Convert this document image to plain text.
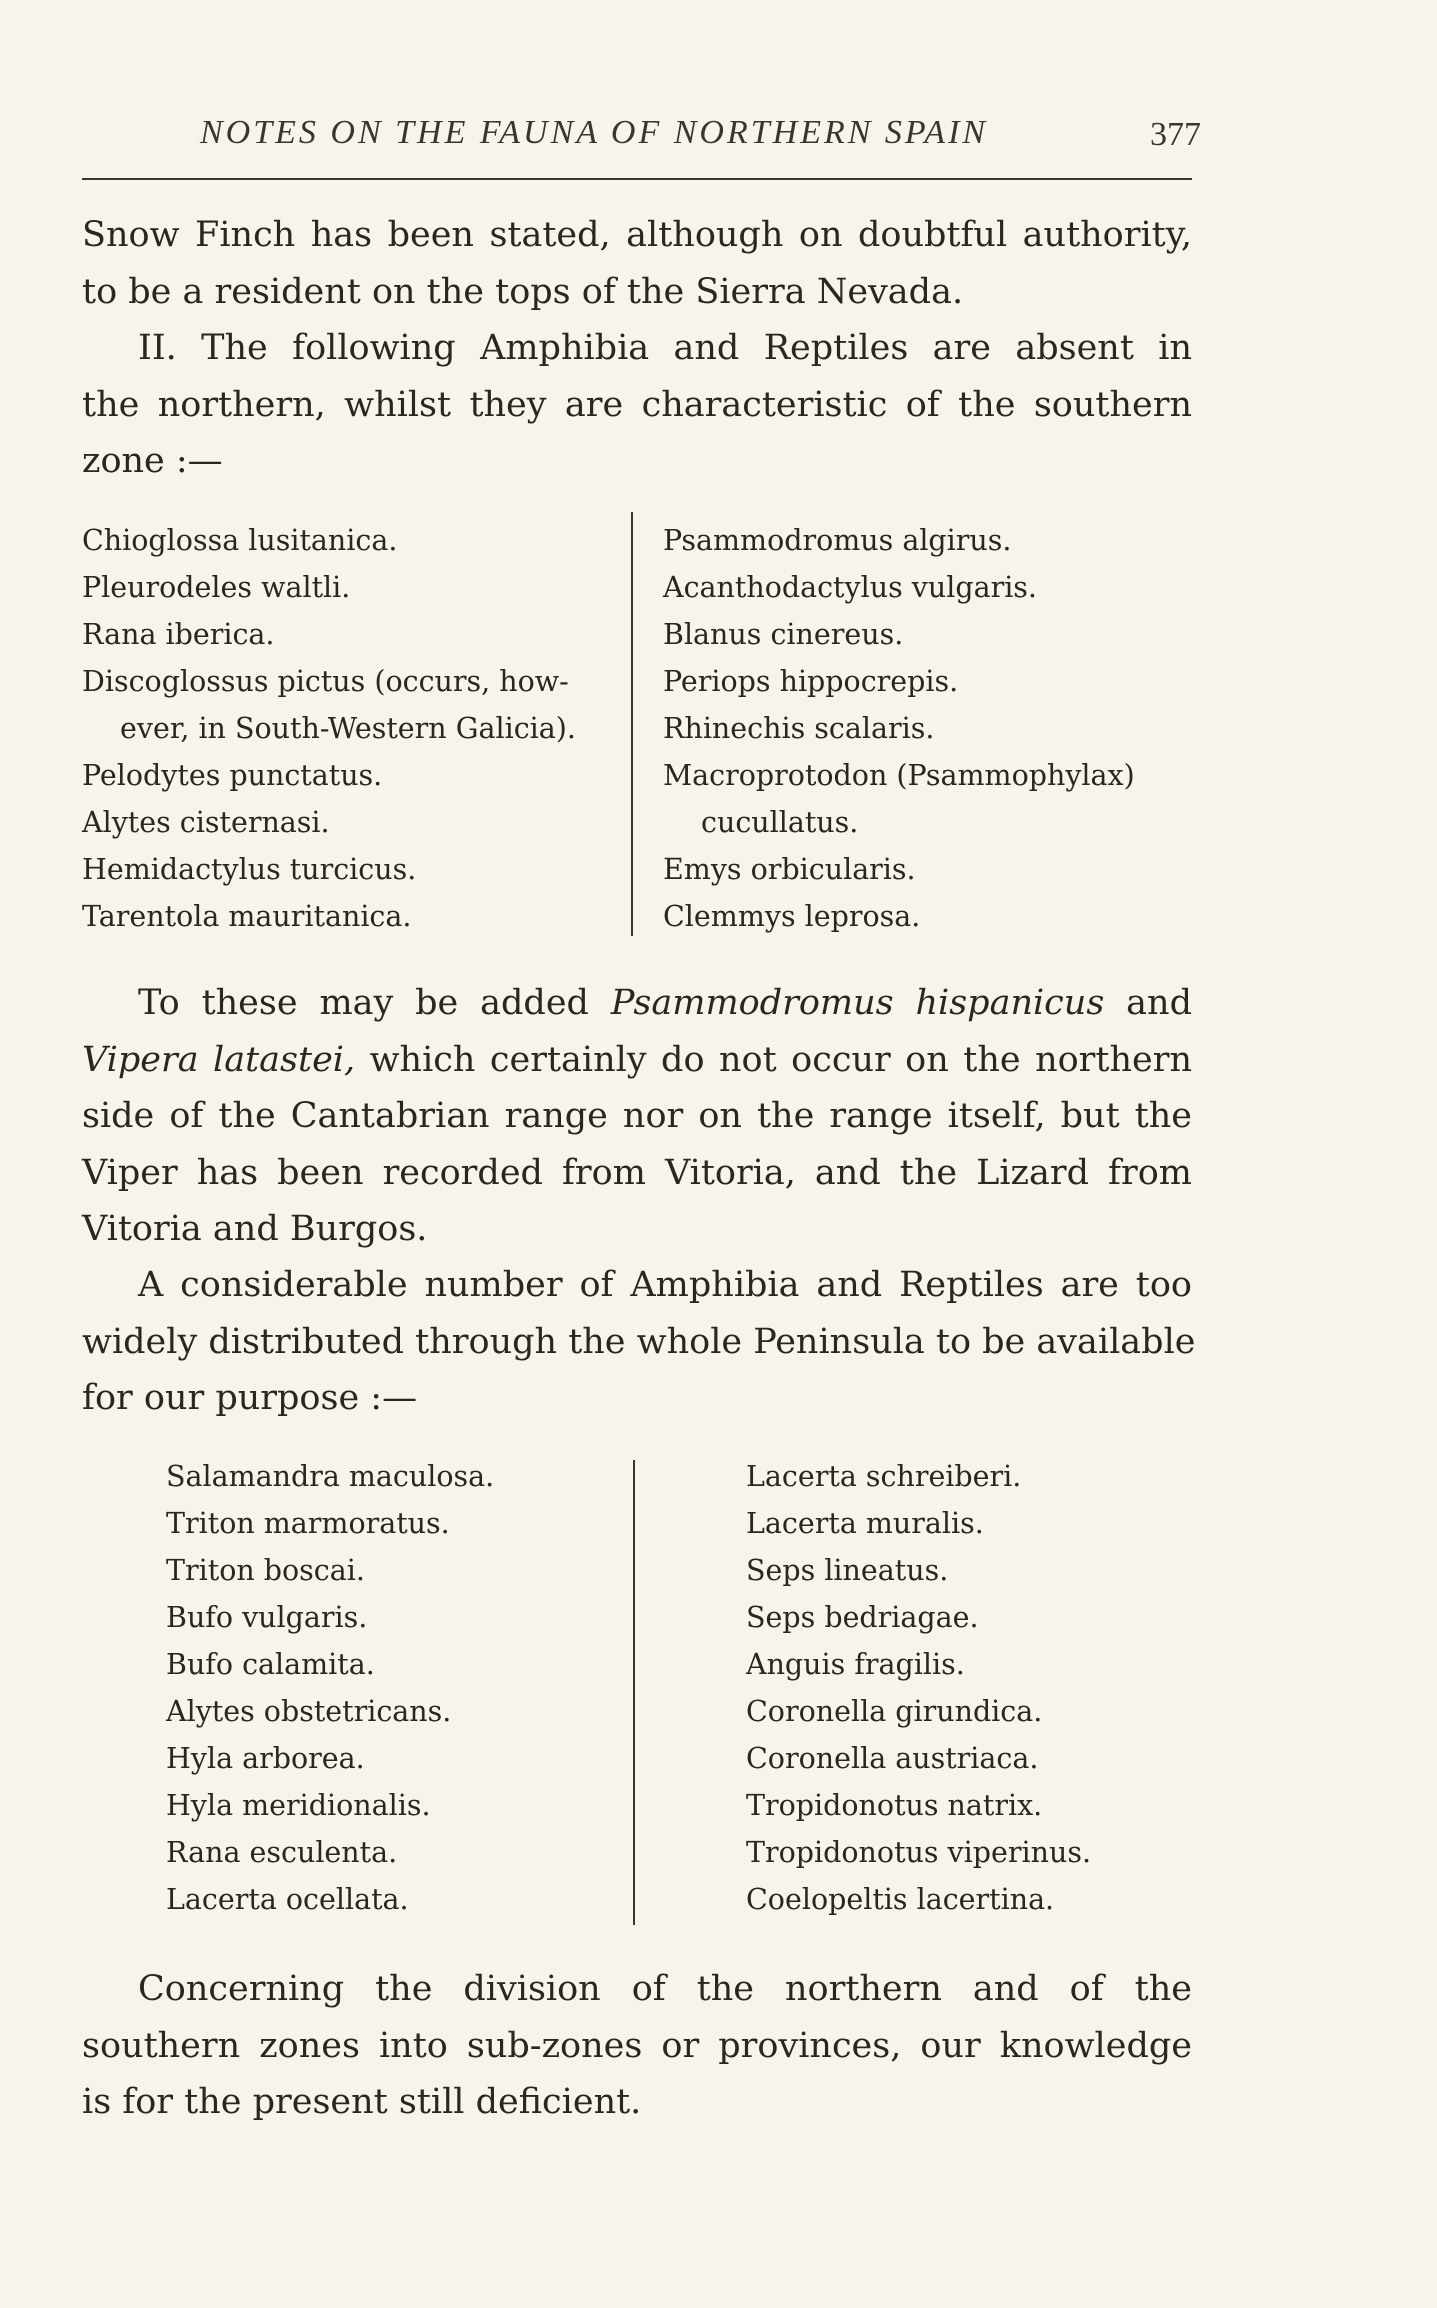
NOTES ON THE FAUNA OF NORTHERN SPAIN	377

Snow Finch has been stated, although on doubtful authority,
to be a resident on the tops of the Sierra Nevada.

II. The following Amphibia and Reptiles are absent in
the northern, whilst they are characteristic of the southern
zone :—

Chioglossa lusitanica.
Pleurodeles waltli.
Rana iberica.
Discoglossus pictus (occurs, how-
ever, in South-Western Galicia).
Pelodytes punctatus.
Alytes cisternasi.
Hemidactylus turcicus.
Tarentola mauritanica.
Psammodromus algirus.
Acanthodactylus vulgaris.
Blanus cinereus.
Periops hippocrepis.
Rhinechis scalaris.
Macroprotodon (Psammophylax)
cucullatus.
Emys orbicularis.
Clemmys leprosa.

To these may be added Psammodromus hispanicus and
Vipera latastei, which certainly do not occur on the northern
side of the Cantabrian range nor on the range itself, but the
Viper has been recorded from Vitoria, and the Lizard from
Vitoria and Burgos.

A considerable number of Amphibia and Reptiles are too
widely distributed through the whole Peninsula to be available
for our purpose :—

Salamandra maculosa.
Triton marmoratus.
Triton boscai.
Bufo vulgaris.
Bufo calamita.
Alytes obstetricans.
Hyla arborea.
Hyla meridionalis.
Rana esculenta.
Lacerta ocellata.
Lacerta schreiberi.
Lacerta muralis.
Seps lineatus.
Seps bedriagae.
Anguis fragilis.
Coronella girundica.
Coronella austriaca.
Tropidonotus natrix.
Tropidonotus viperinus.
Coelopeltis lacertina.

Concerning the division of the northern and of the
southern zones into sub-zones or provinces, our knowledge
is for the present still deficient.
